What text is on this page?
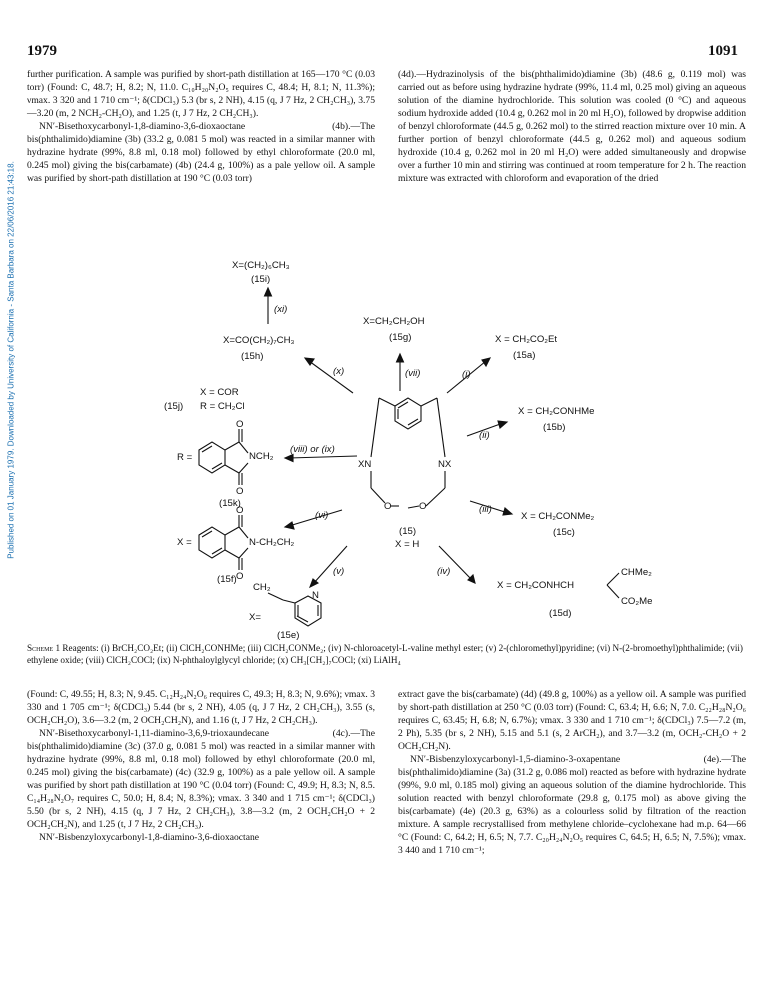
Published on 01 January 1979. Downloaded by University of California - Santa Barbara on 22/06/2016 21:43:18.
1979	1091

further purification. A sample was purified by short-path distillation at 165—170 °C (0.03 torr) (Found: C, 48.7; H, 8.2; N, 11.0. C₁₀H₂₀N₂O₅ requires C, 48.4; H, 8.1; N, 11.3%); νmax. 3 320 and 1 710 cm⁻¹; δ(CDCl₃) 5.3 (br s, 2 NH), 4.15 (q, J 7 Hz, 2 CH₂CH₃), 3.75—3.20 (m, 2 NCH₂-CH₂O), and 1.25 (t, J 7 Hz, 2 CH₂CH₃).

NN′-Bisethoxycarbonyl-1,8-diamino-3,6-dioxaoctane (4b).—The bis(phthalimido)diamine (3b) (33.2 g, 0.081 5 mol) was reacted in a similar manner with hydrazine hydrate (99%, 8.8 ml, 0.18 mol) followed by ethyl chloroformate (20.0 ml, 0.245 mol) giving the bis(carbamate) (4b) (24.4 g, 100%) as a pale yellow oil. A sample was purified by short-path distillation at 190 °C (0.03 torr)

(4d).—Hydrazinolysis of the bis(phthalimido)diamine (3b) (48.6 g, 0.119 mol) was carried out as before using hydrazine hydrate (99%, 11.4 ml, 0.25 mol) giving an aqueous solution of the diamine hydrochloride. This solution was cooled (0 °C) and aqueous sodium hydroxide added (10.4 g, 0.262 mol in 20 ml H₂O), followed by dropwise addition of benzyl chloroformate (44.5 g, 0.262 mol) to the stirred reaction mixture over 10 min. A further portion of benzyl chloroformate (44.5 g, 0.262 mol) and aqueous sodium hydroxide (10.4 g, 0.262 mol in 20 ml H₂O) were added simultaneously and dropwise over a further 10 min and stirring was continued at room temperature for 2 h. The reaction mixture was extracted with chloroform and evaporation of the dried

X=(CH₂)₆CH₃
(15i)
(xi)
X=CH₂CH₂OH
(15g)
(vii)
X=CO(CH₂)₇CH₃
(15h)
(x)
X = CH₂CO₂Et
(15a)
(i)
X = COR
(15j) R = CH₂Cl	X = CH₂CONHMe
(15b)
(ii)
R =	NCH₂
O
O
(viii) or (ix)
(15k)
XN	NX
O	O
(15)
X = H
(iii)
X = CH₂CONMe₂
(15c)
X =	N-CH₂CH₂
O
O
(vi)
(15f)
(v)
CH₂
N
X=
(15e)
(iv)	CHMe₂
X = CH₂CONHCH
CO₂Me
(15d)
Scheme 1 Reagents: (i) BrCH₂CO₂Et; (ii) ClCH₂CONHMe; (iii) ClCH₂CONMe₂; (iv) N-chloroacetyl-L-valine methyl ester; (v) 2-(chloromethyl)pyridine; (vi) N-(2-bromoethyl)phthalimide; (vii) ethylene oxide; (viii) ClCH₂COCl; (ix) N-phthaloylglycyl chloride; (x) CH₃[CH₂]₇COCl; (xi) LiAlH₄

(Found: C, 49.55; H, 8.3; N, 9.45. C₁₂H₂₄N₂O₆ requires C, 49.3; H, 8.3; N, 9.6%); νmax. 3 330 and 1 705 cm⁻¹; δ(CDCl₃) 5.44 (br s, 2 NH), 4.05 (q, J 7 Hz, 2 CH₂CH₃), 3.55 (s, OCH₂CH₂O), 3.6—3.2 (m, 2 OCH₂CH₂N), and 1.16 (t, J 7 Hz, 2 CH₂CH₃).

NN′-Bisethoxycarbonyl-1,11-diamino-3,6,9-trioxaundecane (4c).—The bis(phthalimido)diamine (3c) (37.0 g, 0.081 5 mol) was reacted in a similar manner with hydrazine hydrate (99%, 8.8 ml, 0.18 mol) followed by ethyl chloroformate (20.0 ml, 0.245 mol) giving the bis(carbamate) (4c) (32.9 g, 100%) as a pale yellow oil. A sample was purified by short path distillation at 190 °C (0.04 torr) (Found: C, 49.9; H, 8.3; N, 8.5. C₁₄H₂₈N₂O₇ requires C, 50.0; H, 8.4; N, 8.3%); νmax. 3 340 and 1 715 cm⁻¹; δ(CDCl₃) 5.50 (br s, 2 NH), 4.15 (q, J 7 Hz, 2 CH₂CH₃), 3.8—3.2 (m, 2 OCH₂CH₂O + 2 OCH₂CH₂N), and 1.25 (t, J 7 Hz, 2 CH₂CH₃).

NN′-Bisbenzyloxycarbonyl-1,8-diamino-3,6-dioxaoctane

extract gave the bis(carbamate) (4d) (49.8 g, 100%) as a yellow oil. A sample was purified by short-path distillation at 250 °C (0.03 torr) (Found: C, 63.4; H, 6.6; N, 7.0. C₂₂H₂₈N₂O₆ requires C, 63.45; H, 6.8; N, 6.7%); νmax. 3 330 and 1 710 cm⁻¹; δ(CDCl₃) 7.5—7.2 (m, 2 Ph), 5.35 (br s, 2 NH), 5.15 and 5.1 (s, 2 ArCH₂), and 3.7—3.2 (m, OCH₂-CH₂O + 2 OCH₂CH₂N).

NN′-Bisbenzyloxycarbonyl-1,5-diamino-3-oxapentane (4e).—The bis(phthalimido)diamine (3a) (31.2 g, 0.086 mol) reacted as before with hydrazine hydrate (99%, 9.0 ml, 0.185 mol) giving an aqueous solution of the diamine hydrochloride. This solution reacted with benzyl chloroformate (29.8 g, 0.175 mol) as above giving the bis(carbamate) (4e) (20.3 g, 63%) as a colourless solid by filtration of the reaction mixture. A sample recrystallised from methylene chloride–cyclohexane had m.p. 64—66 °C (Found: C, 64.2; H, 6.5; N, 7.7. C₂₀H₂₄N₂O₅ requires C, 64.5; H, 6.5; N, 7.5%); νmax. 3 440 and 1 710 cm⁻¹;
